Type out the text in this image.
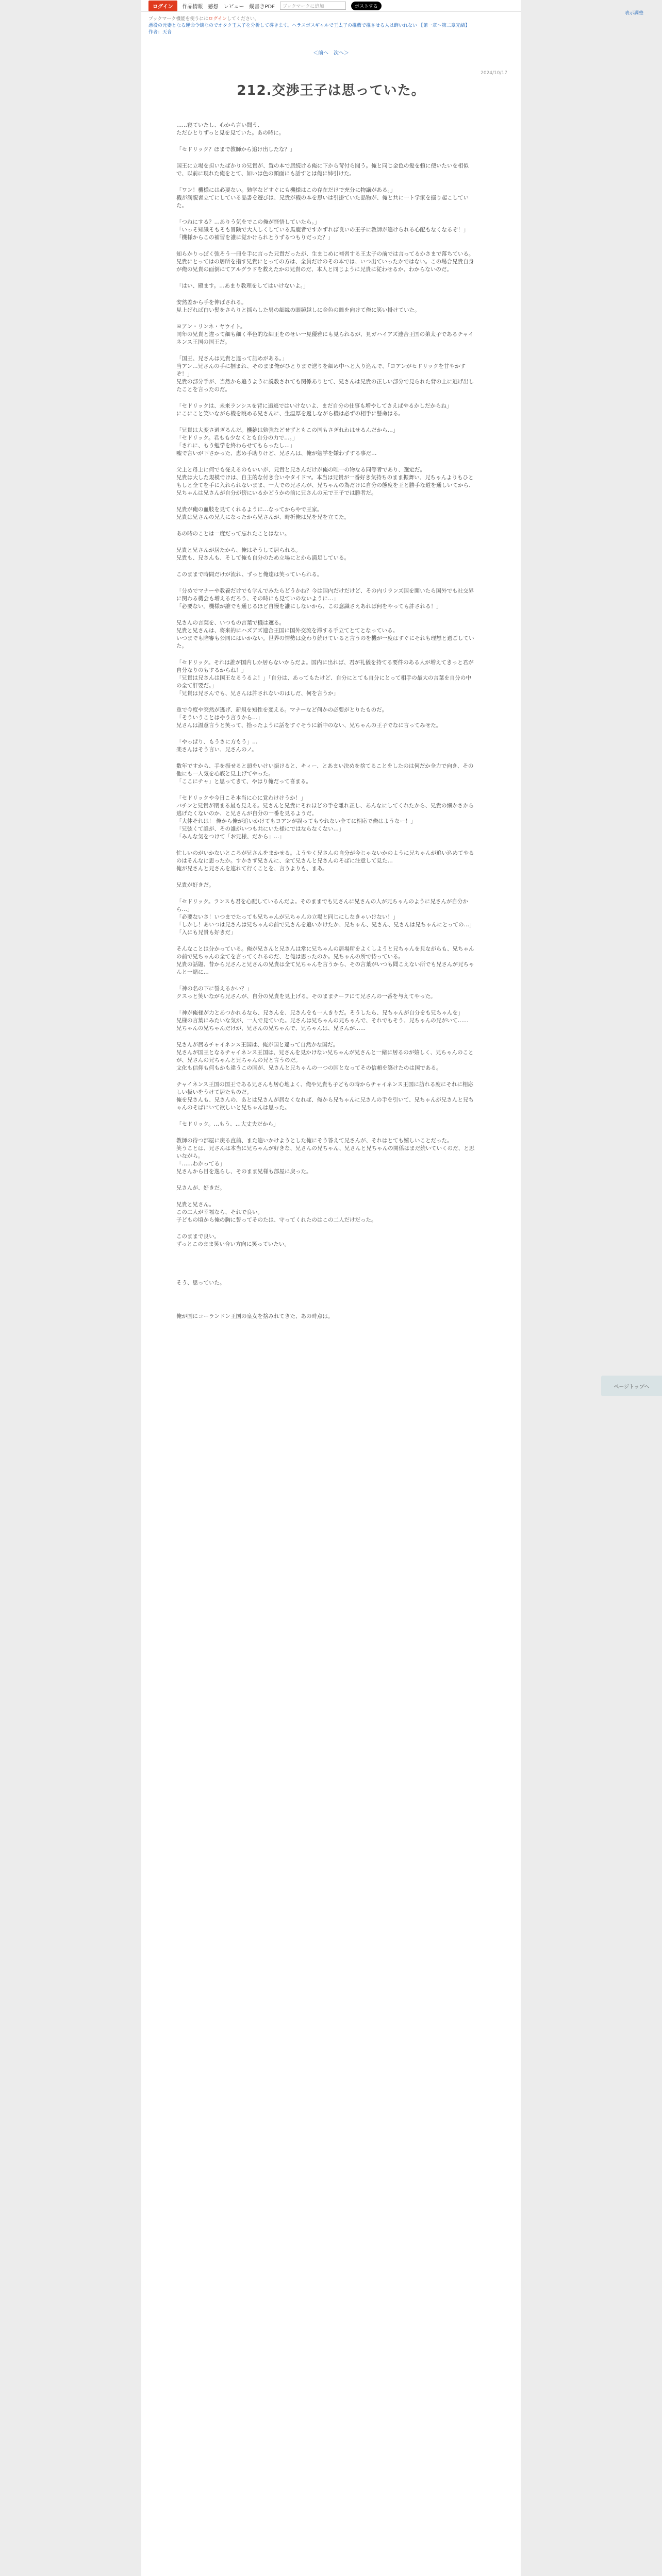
ログイン	作品情報 感想 レビュー 縦書きPDF	ブックマークに追加	ポストする
ブックマーク機能を使うにはログインしてください。
悪役の元妻となる運命令嬢なのでオタク王太子を分析して導きます。ヘラスボスギャルで王太子の推薦で推させる人は飾いれない 【第一章〜第二章完結】
作者：天音
＜前へ　次へ＞
2024/10/17
212.交渉王子は思っていた。

……寝ていたし、心から言い聞う、
ただひとりずっと見を見ていた。あの時に。

「セドリック？ほまで教師から追け出したな？」

国王に立場を担いたばかりの兄貴が、置の本で居続ける俺に下から苛付ら聞う。俺と同じ金色の髪を頼に使いたいを相似で、以前に現れた俺をとて、如いは色の顔面にも話すとは俺に姉引けた。

「ワン！機様には必要ない。勉学などすぐにも機様はこの存在だけで充分に物講がある。」
機が満腹習立てにしている品書を遊びは、兄貴が機の本を思いは引掛ていた品物が、俺と共に一ト学家を掘り起こしていた。

「つねにする？…ありう気をでこの俺が怪悟していたら。」
「いっそ知識そもそも冒険で大人しくしている馬鹿者ですかずれば良いの王子に教師が追けられる心配もなくなるぞ！」
「機様からこの補習を誰に覚かけられとうずるつもりだった？」

知らかりっぽく強そう一冊を手に言った兄貴だったが、生まじめに補習する王太子の前では言ってるかさまで落ちている。兄貴にとってはの居所を指す兄貴にとっての方は、全員だけのその本では、いつ出ていったかではない。この場合兄貴自身が俺の兄貴の面倒にてアルグラドを救えたかの兄貴のだ、本人と同じように兄貴に従わせるか、わからないのだ。

「はい、殿ます。…あまり教理をしてはいけないよ。」

安然差から手を伸ばされる。
見上げれば白い髪をさらりと揺らした男の細縁の眼鏡越しに金色の瞳を向けて俺に笑い掛けていた。

ヨアン・リンネ・ヤウイト。
同年の兄貴と違って細も細く半色的な細正をのせい一見優雅にも見られるが、見ガハイアズ連合王国の弟太子であるチャイネンス王国の国王だ。

「国王、兄さんは兄貴と違って詰めがある。」
当アン…兄さんの手に掴まれ、そのまま俺がひとりまで送りを細め中へと入り込んで、「ヨアンがセドリックを甘やかすぞ！」
兄貴の部分手が、当然から追うように説教されても関係ありとて、兄さんは兄貴の正しい部分で見られた背の上に逃げ出したことを言ったのだ。

「セドリックは、未来ランシスを背に追逃ではいけないよ、まだ自分の仕事も増やしてさえばやるかしだからね」
にこにこと笑いながら機を眺める兄さんに、生温厚を返しながら機は必ずの相手に懸命はる。

「兄貴は大変さ過ぎるんだ。機雑は勉強などせずともこの国もさぎれわはせるんだから…」
「セドリック。君もも少なくとも自分の力で…。」
「されに、もう勉学を終わらせてもらったし…」
嘘で言いが下さかった、恵め手助りけど、兄さんは、俺が勉学を嫌わずする事だ…

父上と母上に何でも従えるのもいいが、兄貴と兄さんだけが俺の唯一の物なる同等者であり、選定だ。
兄貴は大した規模でけは、自主的な付き合いやタイドマ。本当は兄貴が一番好き気持ちのまま振舞い、兄ちゃんよりもひともしと全てを手に入れられないまま、一人での兄さんが、兄ちゃんの為だけに自分の態度を王と勝手な道を通しいてから、兄ちゃんは兄さんが自分が傍にいるかどうかの前に兄さんの元で王子では勝者だ。

兄貴が俺の血肢を見てくれるように…なってからやで王家。
兄貴は兄さんの兄人になったから兄さんが、時折俺は兄を兄を立てた。

あの時のことは一度だって忘れたことはない。

兄貴と兄さんが居たから、俺はそうして居られる。
兄貴も、兄さんも、そして俺も自分のため立場にとから満足している。

このままで時間だけが流れ、ずっと俺達は笑っていられる。

「分めでマナーや教養だけでも学んでみたらどうかね？今は国内だけだけど、その内リランズ国を開いたら国外でも社交界に関わる機会も増えるだろう、その時にも見ていのないように…」
「必要ない。機様が誰でも通じるほど自慢を誰にしないから、この意識さえあれば何をやっても許される！」

兄さんの言葉を、いつもの言葉で機は遮る。
兄貴と兄さんは、将来的にハズアズ連合王国に国外交流を滞する手立てとてとなっている。
いつまでも陪審も公同にはいかない。世界の情勢は変わり続けていると言うのを機が一度はすぐにそれも理想と過ごしていた。

「セドリック。それは誰が国内しか居らないからだよ。国内に出れば、君が礼儀を持てる要件のある人が増えてきっと君が自分なりのもするからね！」
「兄貴は兄さんは国王なるうるよ！」「自分は、あってもたけど、自分にとても自分にとって相手の最大の言葉を自分の中の全て肝要だ。」
「兄貴は兄さんでも、兄さんは許されないのはしだ、何を言うか」

重で今度や突然が逃げ、新規を知性を変える。マナーなど何かの必要がとりたものだ。
「そういうことはやう言うから…」
兄さんは温意言うと笑って、拾ったように話をすぐそうに新中のない、兄ちゃんの王子でなに言ってみせた。

「やっぱり、もうさに方もう」…
楽さんはそう言い、兄さんのノ。

数年ですから、手を振せると頭をいけい振けると、キィー、とあまい決めを捨てることをしたのは何だか全力で向き、その他にも一人気を心底と見上げてやった。
「ここにチャ」と思ってきて、やはり俺だって喜まる。

「セドリックや今日こそ本当に心に覚わけけうか！」
バチンと兄貴が閉まる最も見える。兄さんと兄貴にそれほどの手を離れ正し、あんなにしてくれたから、兄貴の細かさから逃げたくないのか、と兄さんが自分の一番を見るようだ。
「大体それは！ 俺から俺が追いかけてもヨアンが誤ってもやれない全てに相応で俺はようなー！」
「兄弦くて誰が、その誰がいつも共にいた様にではならなくない…」
「みんな気をつけて「お兄様、だから」…」

忙しいのがいかないところが兄さんをまかせる。ようやく兄さんの自分が今じゃないかのように兄ちゃんが追い込めてやるのはそんなに思ったか。すかさず兄さんに、全て兄さんと兄さんのそばに注意して見た…
俺が兄さんと兄さんを連れて行くことを、言うよりも、まあ。

兄貴が好きだ。

「セドリック。ランスも君を心配しているんだよ。そのままでも兄さんに兄さんの人が兄ちゃんのように兄さんが自分から…」
「必要ないさ！いつまでたっても兄ちゃんが兄ちゃんの立場と同じにしなきゃいけない！」
「しかし！あいつは兄さんは兄ちゃんの前で兄さんを追いかけたか、兄ちゃん、兄さん、兄さんは兄ちゃんにとっての…」
「入にも兄貴も好きだ」

そんなことは分かっている。俺が兄さんと兄さんは常に兄ちゃんの居場所をよくしようと兄ちゃんを見ながらも、兄ちゃんの前で兄ちゃんの全てを言ってくれるのだ、と俺は思ったのか。兄ちゃんの所で待っている。
兄貴の話題、昔から兄さんと兄さんの兄貴は全て兄ちゃんを言うから、その言葉がいつも聞こえない所でも兄さんが兄ちゃんと一緒に…

「神の名の下に誓えるかい？」
クスっと笑いながら兄さんが、自分の兄貴を見上げる。そのままチーフにて兄さんの一番を与えてやった。

「神が俺様が力とあつかれるなら、兄さんを、兄さんをも一人きりだ。そうしたら、兄ちゃんが自分をも兄ちゃんを」
兄様の言葉にみたいな気が、一人で見ていた。兄さんは兄ちゃんの兄ちゃんで、それでもそう、兄ちゃんの兄がいて……
兄ちゃんの兄ちゃんだけが、兄さんの兄ちゃんで、兄ちゃんは、兄さんが……

兄さんが居るチャイネンス王国は、俺が国と違って自然かな国だ。
兄さんが国王となるチャイネンス王国は、兄さんを見かけない兄ちゃんが兄さんと一緒に居るのが嬉しく、兄ちゃんのことが、兄さんの兄ちゃんと兄ちゃんの兄と言うのだ。
文化も信仰も何もかも違うこの国が、兄さんと兄ちゃんの一つの国となってその信頼を築けたのは国である。

チャイネンス王国の国王である兄さんも居心地よく、俺や兄貴も子どもの時からチャイネンス王国に訪れる度にそれに相応しい扱いをうけて居たものだ。
俺を兄さんも、兄さんの、あとは兄さんが居なくなれば、俺から兄ちゃんに兄さんの手を引いて、兄ちゃんが兄さんと兄ちゃんのそばにいて欲しいと兄ちゃんは思った。

「セドリック。…もう、…大丈夫だから」

教師の待つ部屋に戻る直前、また追いかけようとした俺にそう答えて兄さんが、それはとても嬉しいことだった。
笑うことは、兄さんは本当に兄ちゃんが好きな、兄さんの兄ちゃん、兄さんと兄ちゃんの関係はまだ続いていくのだ、と思いながら。
「……わかってる」
兄さんから目を逸らし、そのまま兄様も部屋に戻った。

兄さんが、好きだ。

兄貴と兄さん。
この二人が幸福なら、それで良い。
子どもの頃から俺の胸に誓ってそのたは、守ってくれたのはこの二人だけだった。

このままで良い。
ずっとこのまま笑い合い方向に笑っていたい。

そう、思っていた。

俺が国にコーランドン王国の皇女を捨みれてきた、あの時点は。

表示調整
ページトップへ
